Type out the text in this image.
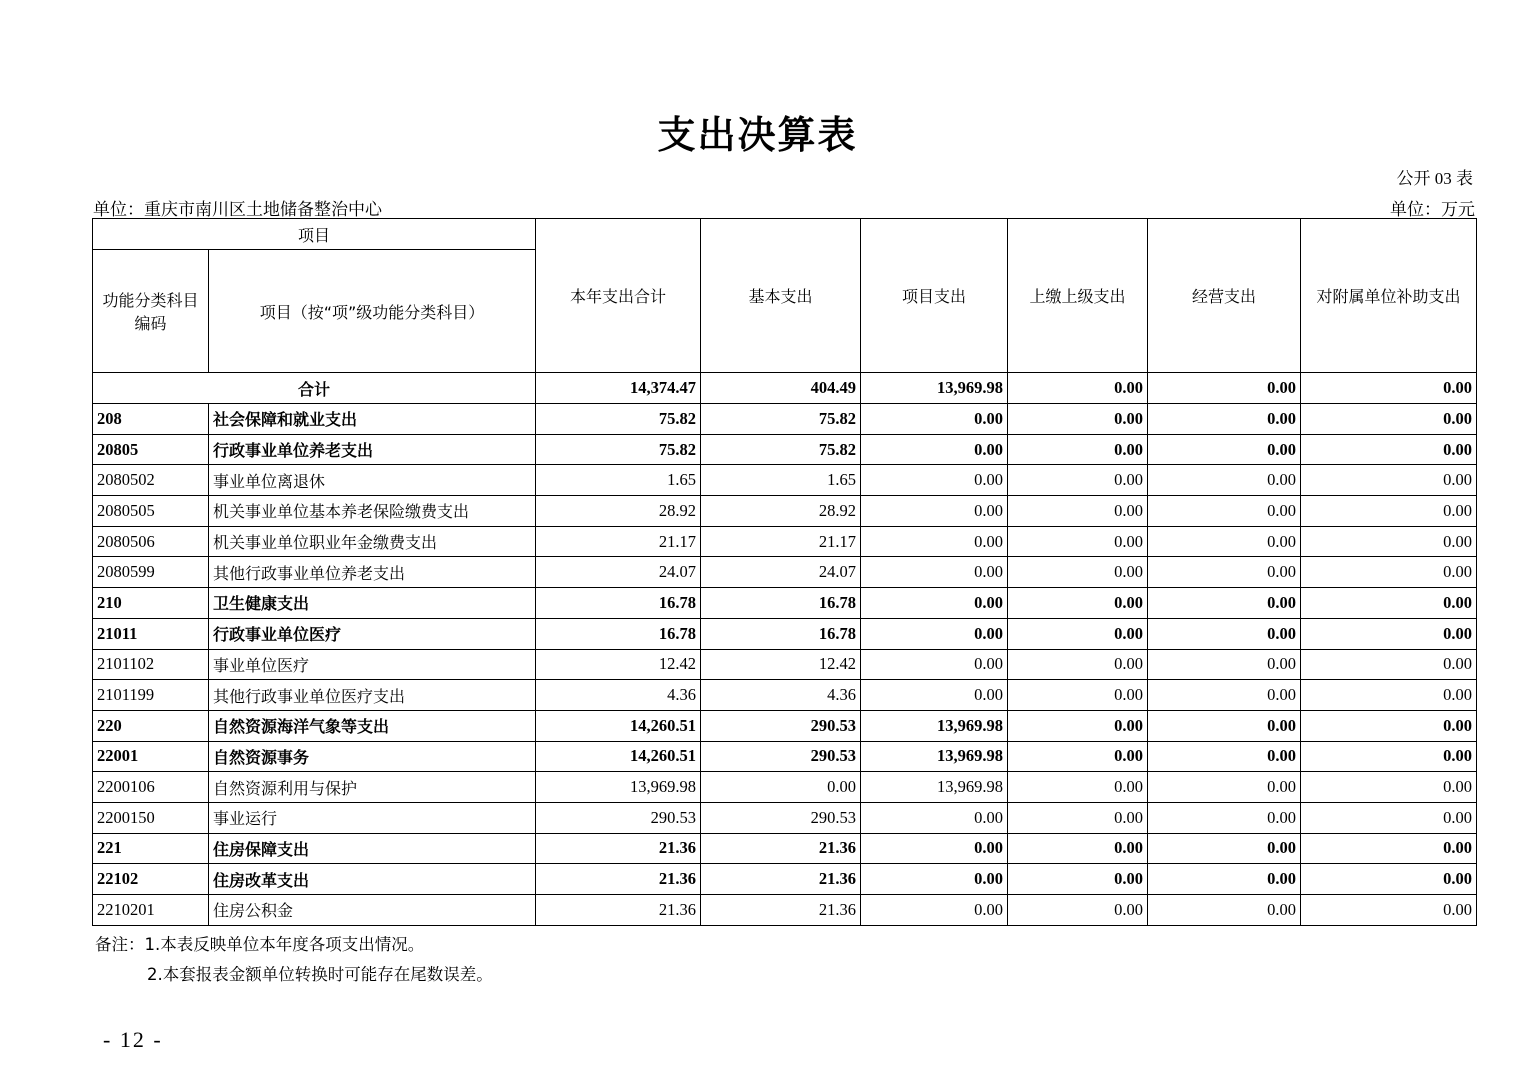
支出决算表
公开 03 表
单位：重庆市南川区土地储备整治中心	单位：万元
项目		本年支出合计	基本支出	项目支出	上缴上级支出	经营支出	对附属单位补助支出
功能分类科目编码	项目（按“项”级功能分类科目）						
合计		14,374.47	404.49	13,969.98	0.00	0.00	0.00
208	社会保障和就业支出	75.82	75.82	0.00	0.00	0.00	0.00
20805	行政事业单位养老支出	75.82	75.82	0.00	0.00	0.00	0.00
2080502	事业单位离退休	1.65	1.65	0.00	0.00	0.00	0.00
2080505	机关事业单位基本养老保险缴费支出	28.92	28.92	0.00	0.00	0.00	0.00
2080506	机关事业单位职业年金缴费支出	21.17	21.17	0.00	0.00	0.00	0.00
2080599	其他行政事业单位养老支出	24.07	24.07	0.00	0.00	0.00	0.00
210	卫生健康支出	16.78	16.78	0.00	0.00	0.00	0.00
21011	行政事业单位医疗	16.78	16.78	0.00	0.00	0.00	0.00
2101102	事业单位医疗	12.42	12.42	0.00	0.00	0.00	0.00
2101199	其他行政事业单位医疗支出	4.36	4.36	0.00	0.00	0.00	0.00
220	自然资源海洋气象等支出	14,260.51	290.53	13,969.98	0.00	0.00	0.00
22001	自然资源事务	14,260.51	290.53	13,969.98	0.00	0.00	0.00
2200106	自然资源利用与保护	13,969.98	0.00	13,969.98	0.00	0.00	0.00
2200150	事业运行	290.53	290.53	0.00	0.00	0.00	0.00
221	住房保障支出	21.36	21.36	0.00	0.00	0.00	0.00
22102	住房改革支出	21.36	21.36	0.00	0.00	0.00	0.00
2210201	住房公积金	21.36	21.36	0.00	0.00	0.00	0.00
备注：1.本表反映单位本年度各项支出情况。
2.本套报表金额单位转换时可能存在尾数误差。
- 12 -
